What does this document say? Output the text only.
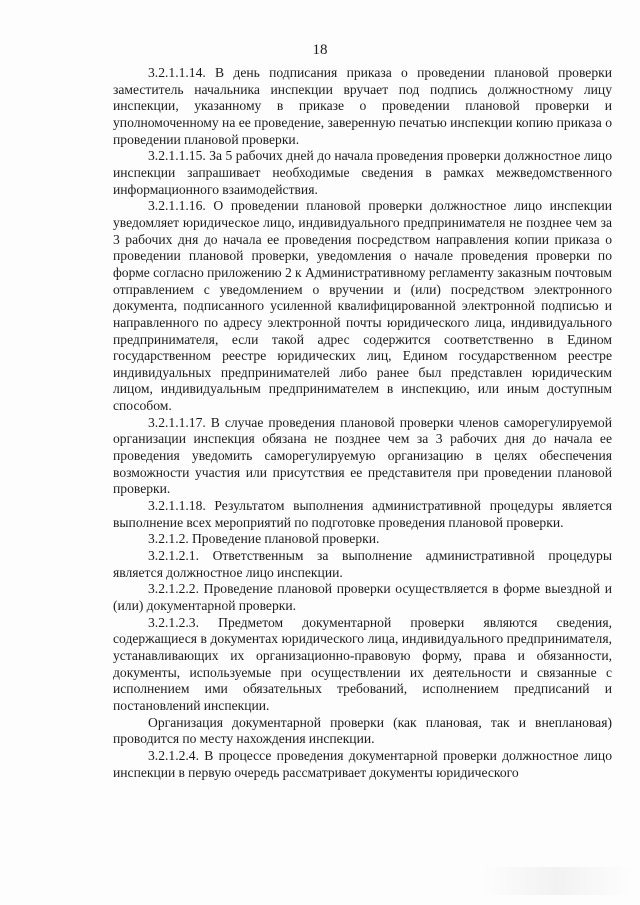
18

3.2.1.1.14. В день подписания приказа о проведении плановой проверки заместитель начальника инспекции вручает под подпись должностному лицу инспекции, указанному в приказе о проведении плановой проверки и уполномоченному на ее проведение, заверенную печатью инспекции копию приказа о проведении плановой проверки.

3.2.1.1.15. За 5 рабочих дней до начала проведения проверки должностное лицо инспекции запрашивает необходимые сведения в рамках межведомственного информационного взаимодействия.

3.2.1.1.16. О проведении плановой проверки должностное лицо инспекции уведомляет юридическое лицо, индивидуального предпринимателя не позднее чем за 3 рабочих дня до начала ее проведения посредством направления копии приказа о проведении плановой проверки, уведомления о начале проведения проверки по форме согласно приложению 2 к Административному регламенту заказным почтовым отправлением с уведомлением о вручении и (или) посредством электронного документа, подписанного усиленной квалифицированной электронной подписью и направленного по адресу электронной почты юридического лица, индивидуального предпринимателя, если такой адрес содержится соответственно в Едином государственном реестре юридических лиц, Едином государственном реестре индивидуальных предпринимателей либо ранее был представлен юридическим лицом, индивидуальным предпринимателем в инспекцию, или иным доступным способом.

3.2.1.1.17. В случае проведения плановой проверки членов саморегулируемой организации инспекция обязана не позднее чем за 3 рабочих дня до начала ее проведения уведомить саморегулируемую организацию в целях обеспечения возможности участия или присутствия ее представителя при проведении плановой проверки.

3.2.1.1.18. Результатом выполнения административной процедуры является выполнение всех мероприятий по подготовке проведения плановой проверки.

3.2.1.2. Проведение плановой проверки.

3.2.1.2.1. Ответственным за выполнение административной процедуры является должностное лицо инспекции.

3.2.1.2.2. Проведение плановой проверки осуществляется в форме выездной и (или) документарной проверки.

3.2.1.2.3. Предметом документарной проверки являются сведения, содержащиеся в документах юридического лица, индивидуального предпринимателя, устанавливающих их организационно-правовую форму, права и обязанности, документы, используемые при осуществлении их деятельности и связанные с исполнением ими обязательных требований, исполнением предписаний и постановлений инспекции.

Организация документарной проверки (как плановая, так и внеплановая) проводится по месту нахождения инспекции.

3.2.1.2.4. В процессе проведения документарной проверки должностное лицо инспекции в первую очередь рассматривает документы юридического
